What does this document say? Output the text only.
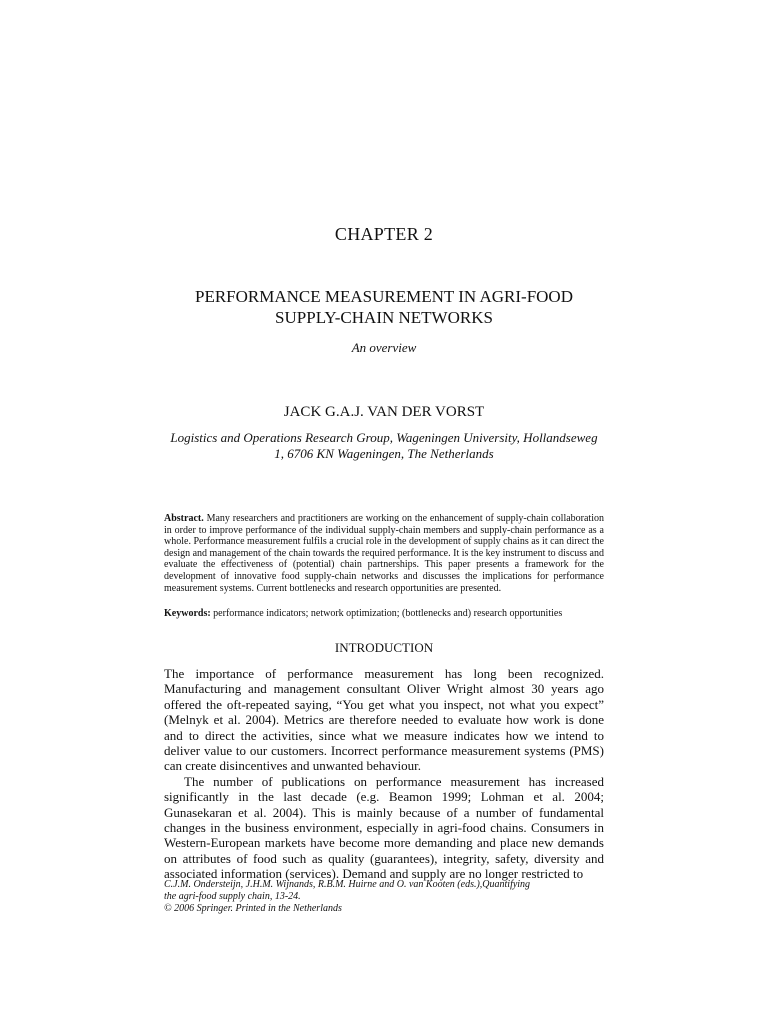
CHAPTER 2
PERFORMANCE MEASUREMENT IN AGRI-FOOD
SUPPLY-CHAIN NETWORKS
An overview
JACK G.A.J. VAN DER VORST
Logistics and Operations Research Group, Wageningen University, Hollandseweg
1, 6706 KN Wageningen, The Netherlands
Abstract. Many researchers and practitioners are working on the enhancement of supply-chain collaboration in order to improve performance of the individual supply-chain members and supply-chain performance as a whole. Performance measurement fulfils a crucial role in the development of supply chains as it can direct the design and management of the chain towards the required performance. It is the key instrument to discuss and evaluate the effectiveness of (potential) chain partnerships. This paper presents a framework for the development of innovative food supply-chain networks and discusses the implications for performance measurement systems. Current bottlenecks and research opportunities are presented.
Keywords: performance indicators; network optimization; (bottlenecks and) research opportunities
INTRODUCTION

The importance of performance measurement has long been recognized. Manufacturing and management consultant Oliver Wright almost 30 years ago offered the oft-repeated saying, “You get what you inspect, not what you expect” (Melnyk et al. 2004). Metrics are therefore needed to evaluate how work is done and to direct the activities, since what we measure indicates how we intend to deliver value to our customers. Incorrect performance measurement systems (PMS) can create disincentives and unwanted behaviour.

The number of publications on performance measurement has increased significantly in the last decade (e.g. Beamon 1999; Lohman et al. 2004; Gunasekaran et al. 2004). This is mainly because of a number of fundamental changes in the business environment, especially in agri-food chains. Consumers in Western-European markets have become more demanding and place new demands on attributes of food such as quality (guarantees), integrity, safety, diversity and associated information (services). Demand and supply are no longer restricted to

C.J.M. Ondersteijn, J.H.M. Wijnands, R.B.M. Huirne and O. van Kooten (eds.),Quantifying
the agri-food supply chain, 13-24.
© 2006 Springer. Printed in the Netherlands
